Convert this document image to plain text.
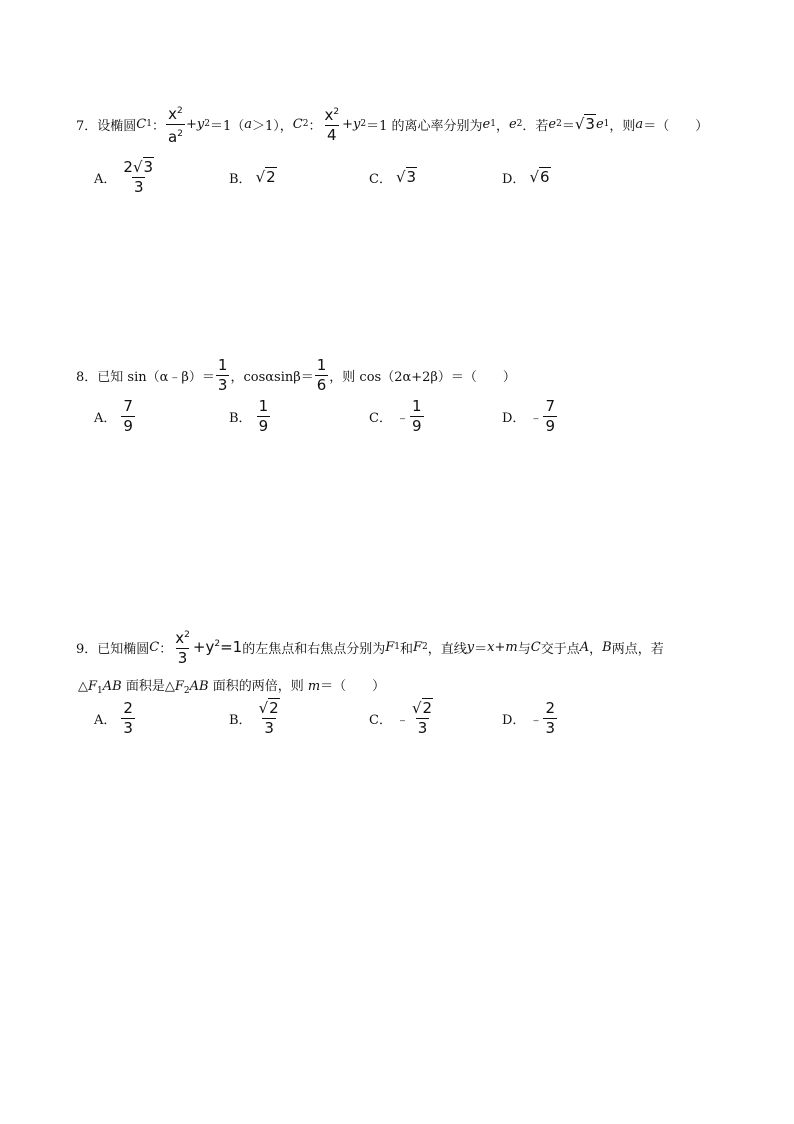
7． 设椭圆 C 1 ： $\frac{x^2}{a^2} + y$ 2 ＝1（ a ＞1）， C 2 ： $\frac{x^2}{4} + y$ 2 ＝1 的离心率分别为 e 1 ， e 2 ．若 e 2 ＝ √3 e 1 ，则 a ＝（　　）
A． $\frac{2√3}{3}$	B． √2	C． √3	D． √6
8． 已知 sin（α﹣β）＝ $\frac{1}{3}$ ，$\cos\alpha\sin\beta= \frac{1}{6}$ ，则 cos（2α+2β）＝（　　）
A． $\frac{7}{9}$	B． $\frac{1}{9}$	C． ﹣ $\frac{1}{9}$	D． ﹣ $\frac{7}{9}$
9． 已知椭圆 C ： $\frac{x^2}{3} +y^2=1$ 的左焦点和右焦点分别为 F 1 和 F 2 ，直线 y ＝ x + m 与 C 交于点 A ， B 两点，若
$\triangle F_1AB$ 面积是$\triangle F_2AB$ 面积的两倍，则 m＝（　　）
A． $\frac{2}{3}$	B． $\frac{√2}{3}$	C． ﹣ $\frac{√2}{3}$	D． ﹣ $\frac{2}{3}$
